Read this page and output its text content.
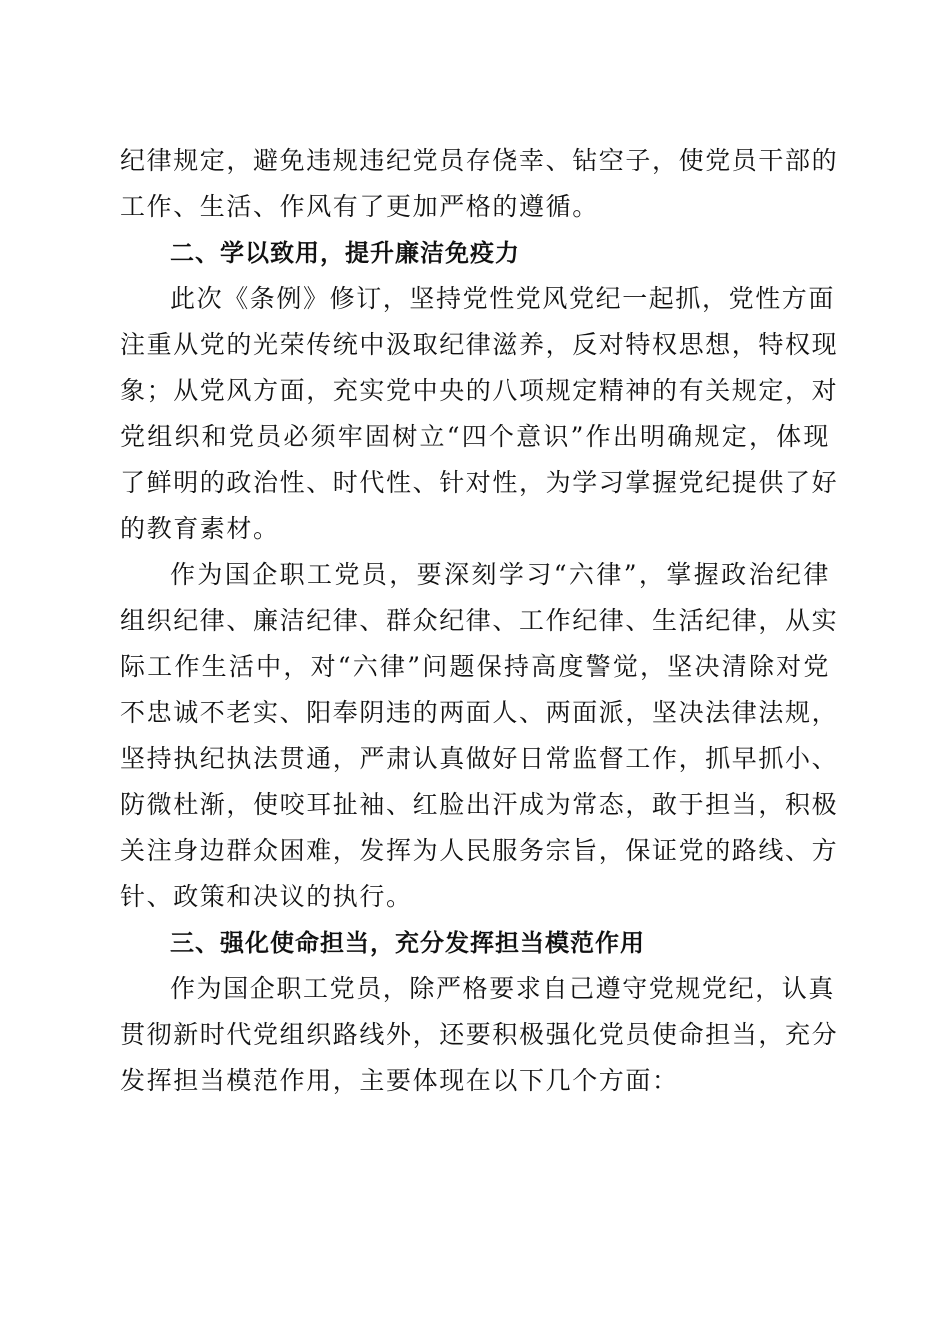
纪律规定，避免违规违纪党员存侥幸、钻空子，使党员干部的
工作、生活、作风有了更加严格的遵循。
二、学以致用，提升廉洁免疫力
此次《条例》修订，坚持党性党风党纪一起抓，党性方面
注重从党的光荣传统中汲取纪律滋养，反对特权思想，特权现
象；从党风方面，充实党中央的八项规定精神的有关规定，对
党组织和党员必须牢固树立“四个意识”作出明确规定，体现
了鲜明的政治性、时代性、针对性，为学习掌握党纪提供了好
的教育素材。
作为国企职工党员，要深刻学习“六律”，掌握政治纪律
组织纪律、廉洁纪律、群众纪律、工作纪律、生活纪律，从实
际工作生活中，对“六律”问题保持高度警觉，坚决清除对党
不忠诚不老实、阳奉阴违的两面人、两面派，坚决法律法规，
坚持执纪执法贯通，严肃认真做好日常监督工作，抓早抓小、
防微杜渐，使咬耳扯袖、红脸出汗成为常态，敢于担当，积极
关注身边群众困难，发挥为人民服务宗旨，保证党的路线、方
针、政策和决议的执行。
三、强化使命担当，充分发挥担当模范作用
作为国企职工党员，除严格要求自己遵守党规党纪，认真
贯彻新时代党组织路线外，还要积极强化党员使命担当，充分
发挥担当模范作用，主要体现在以下几个方面：
